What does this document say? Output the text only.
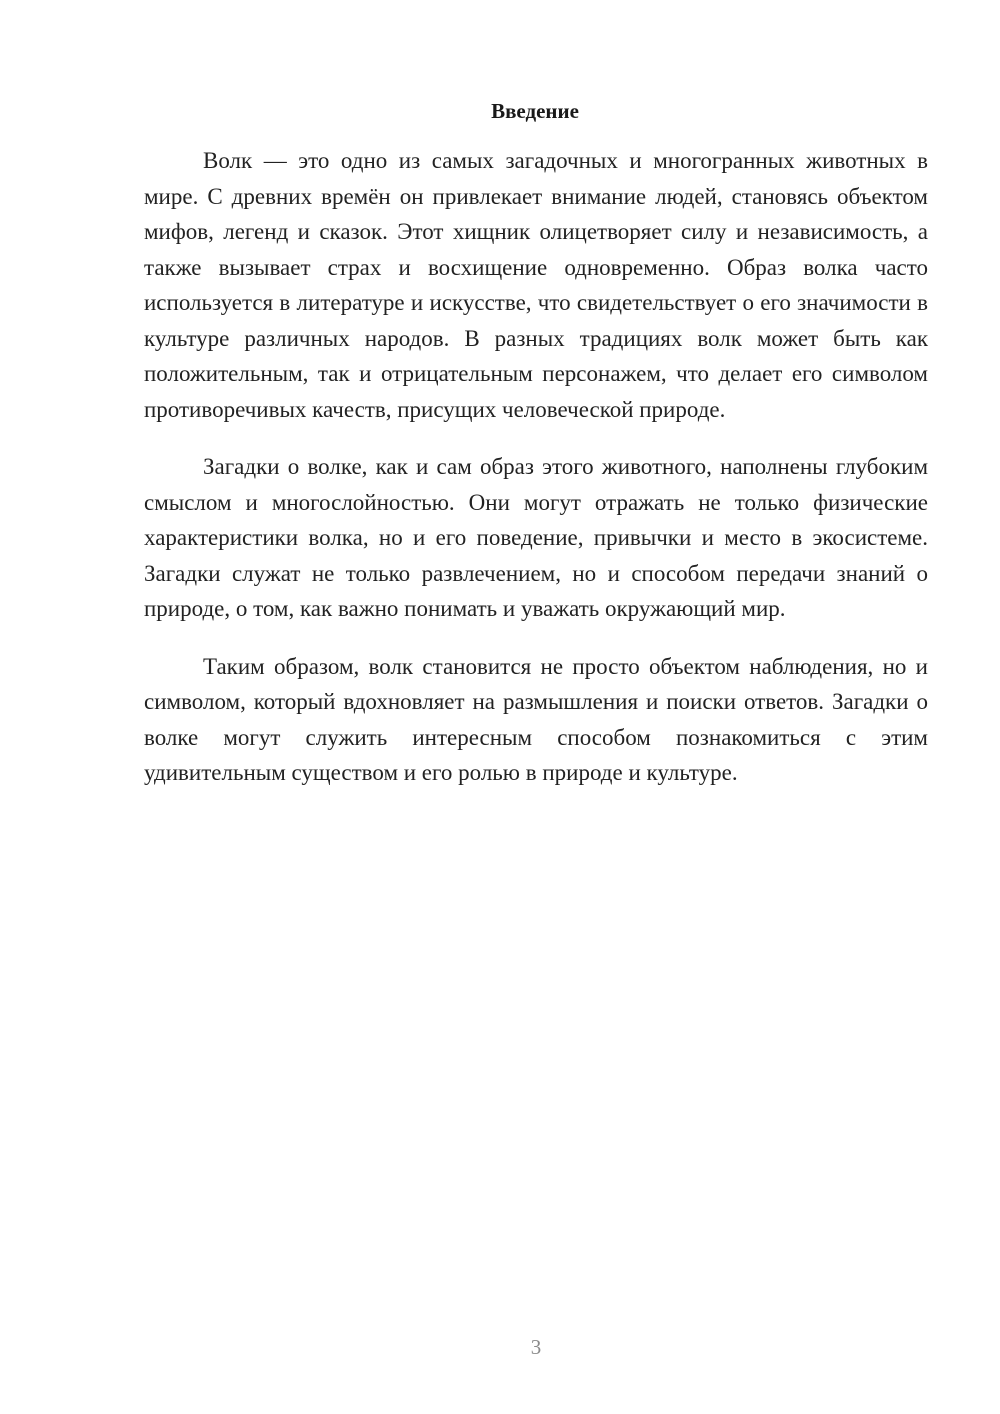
Введение

Волк — это одно из самых загадочных и многогранных животных в мире. С древних времён он привлекает внимание людей, становясь объектом мифов, легенд и сказок. Этот хищник олицетворяет силу и независимость, а также вызывает страх и восхищение одновременно. Образ волка часто используется в литературе и искусстве, что свидетельствует о его значимости в культуре различных народов. В разных традициях волк может быть как положительным, так и отрицательным персонажем, что делает его символом противоречивых качеств, присущих человеческой природе.

Загадки о волке, как и сам образ этого животного, наполнены глубоким смыслом и многослойностью. Они могут отражать не только физические характеристики волка, но и его поведение, привычки и место в экосистеме. Загадки служат не только развлечением, но и способом передачи знаний о природе, о том, как важно понимать и уважать окружающий мир.

Таким образом, волк становится не просто объектом наблюдения, но и символом, который вдохновляет на размышления и поиски ответов. Загадки о волке могут служить интересным способом познакомиться с этим удивительным существом и его ролью в природе и культуре.

3
